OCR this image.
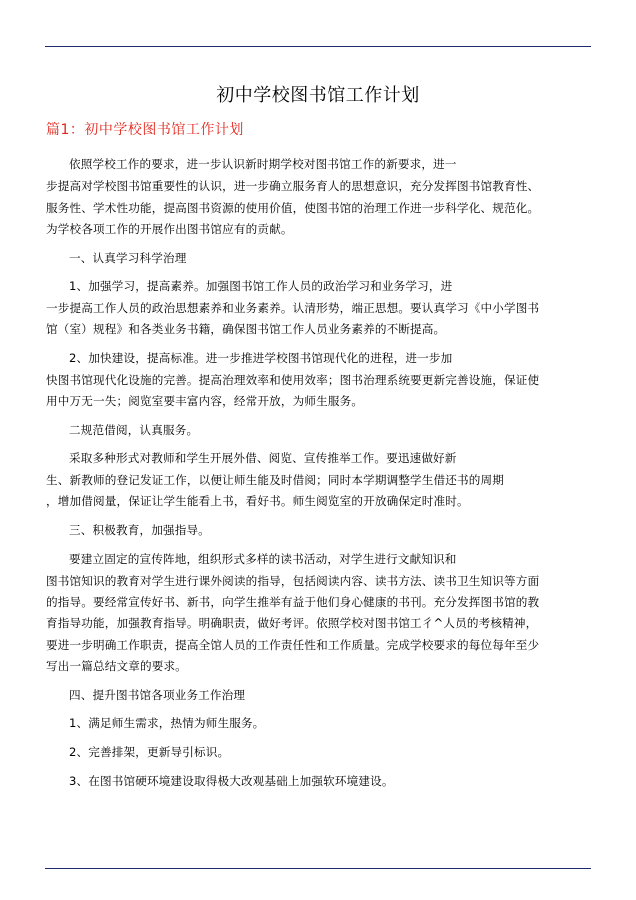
初中学校图书馆工作计划
篇1：初中学校图书馆工作计划
依照学校工作的要求，进一步认识新时期学校对图书馆工作的新要求，进一
步提高对学校图书馆重要性的认识，进一步确立服务育人的思想意识，充分发挥图书馆教育性、
服务性、学术性功能，提高图书资源的使用价值，使图书馆的治理工作进一步科学化、规范化。
为学校各项工作的开展作出图书馆应有的贡献。
一、认真学习科学治理
1、加强学习，提高素养。加强图书馆工作人员的政治学习和业务学习，进
一步提高工作人员的政治思想素养和业务素养。认清形势，端正思想。要认真学习《中小学图书
馆（室）规程》和各类业务书籍，确保图书馆工作人员业务素养的不断提高。
2、加快建设，提高标准。进一步推进学校图书馆现代化的进程，进一步加
快图书馆现代化设施的完善。提高治理效率和使用效率；图书治理系统要更新完善设施，保证使
用中万无一失；阅览室要丰富内容，经常开放，为师生服务。
二规范借阅，认真服务。
采取多种形式对教师和学生开展外借、阅览、宣传推举工作。要迅速做好新
生、新教师的登记发证工作，以便让师生能及时借阅；同时本学期调整学生借还书的周期
，增加借阅量，保证让学生能看上书，看好书。师生阅览室的开放确保定时准时。
三、积极教育，加强指导。
要建立固定的宣传阵地，组织形式多样的读书活动，对学生进行文献知识和
图书馆知识的教育对学生进行课外阅读的指导，包括阅读内容、读书方法、读书卫生知识等方面
的指导。要经常宣传好书、新书，向学生推举有益于他们身心健康的书刊。充分发挥图书馆的教
育指导功能，加强教育指导。明确职责，做好考评。依照学校对图书馆工彳^人员的考核精神，
要进一步明确工作职责，提高全馆人员的工作责任性和工作质量。完成学校要求的每位每年至少
写出一篇总结文章的要求。
四、提升图书馆各项业务工作治理
1、满足师生需求，热情为师生服务。
2、完善排架，更新导引标识。
3、在图书馆硬环境建设取得极大改观基础上加强软环境建设。
